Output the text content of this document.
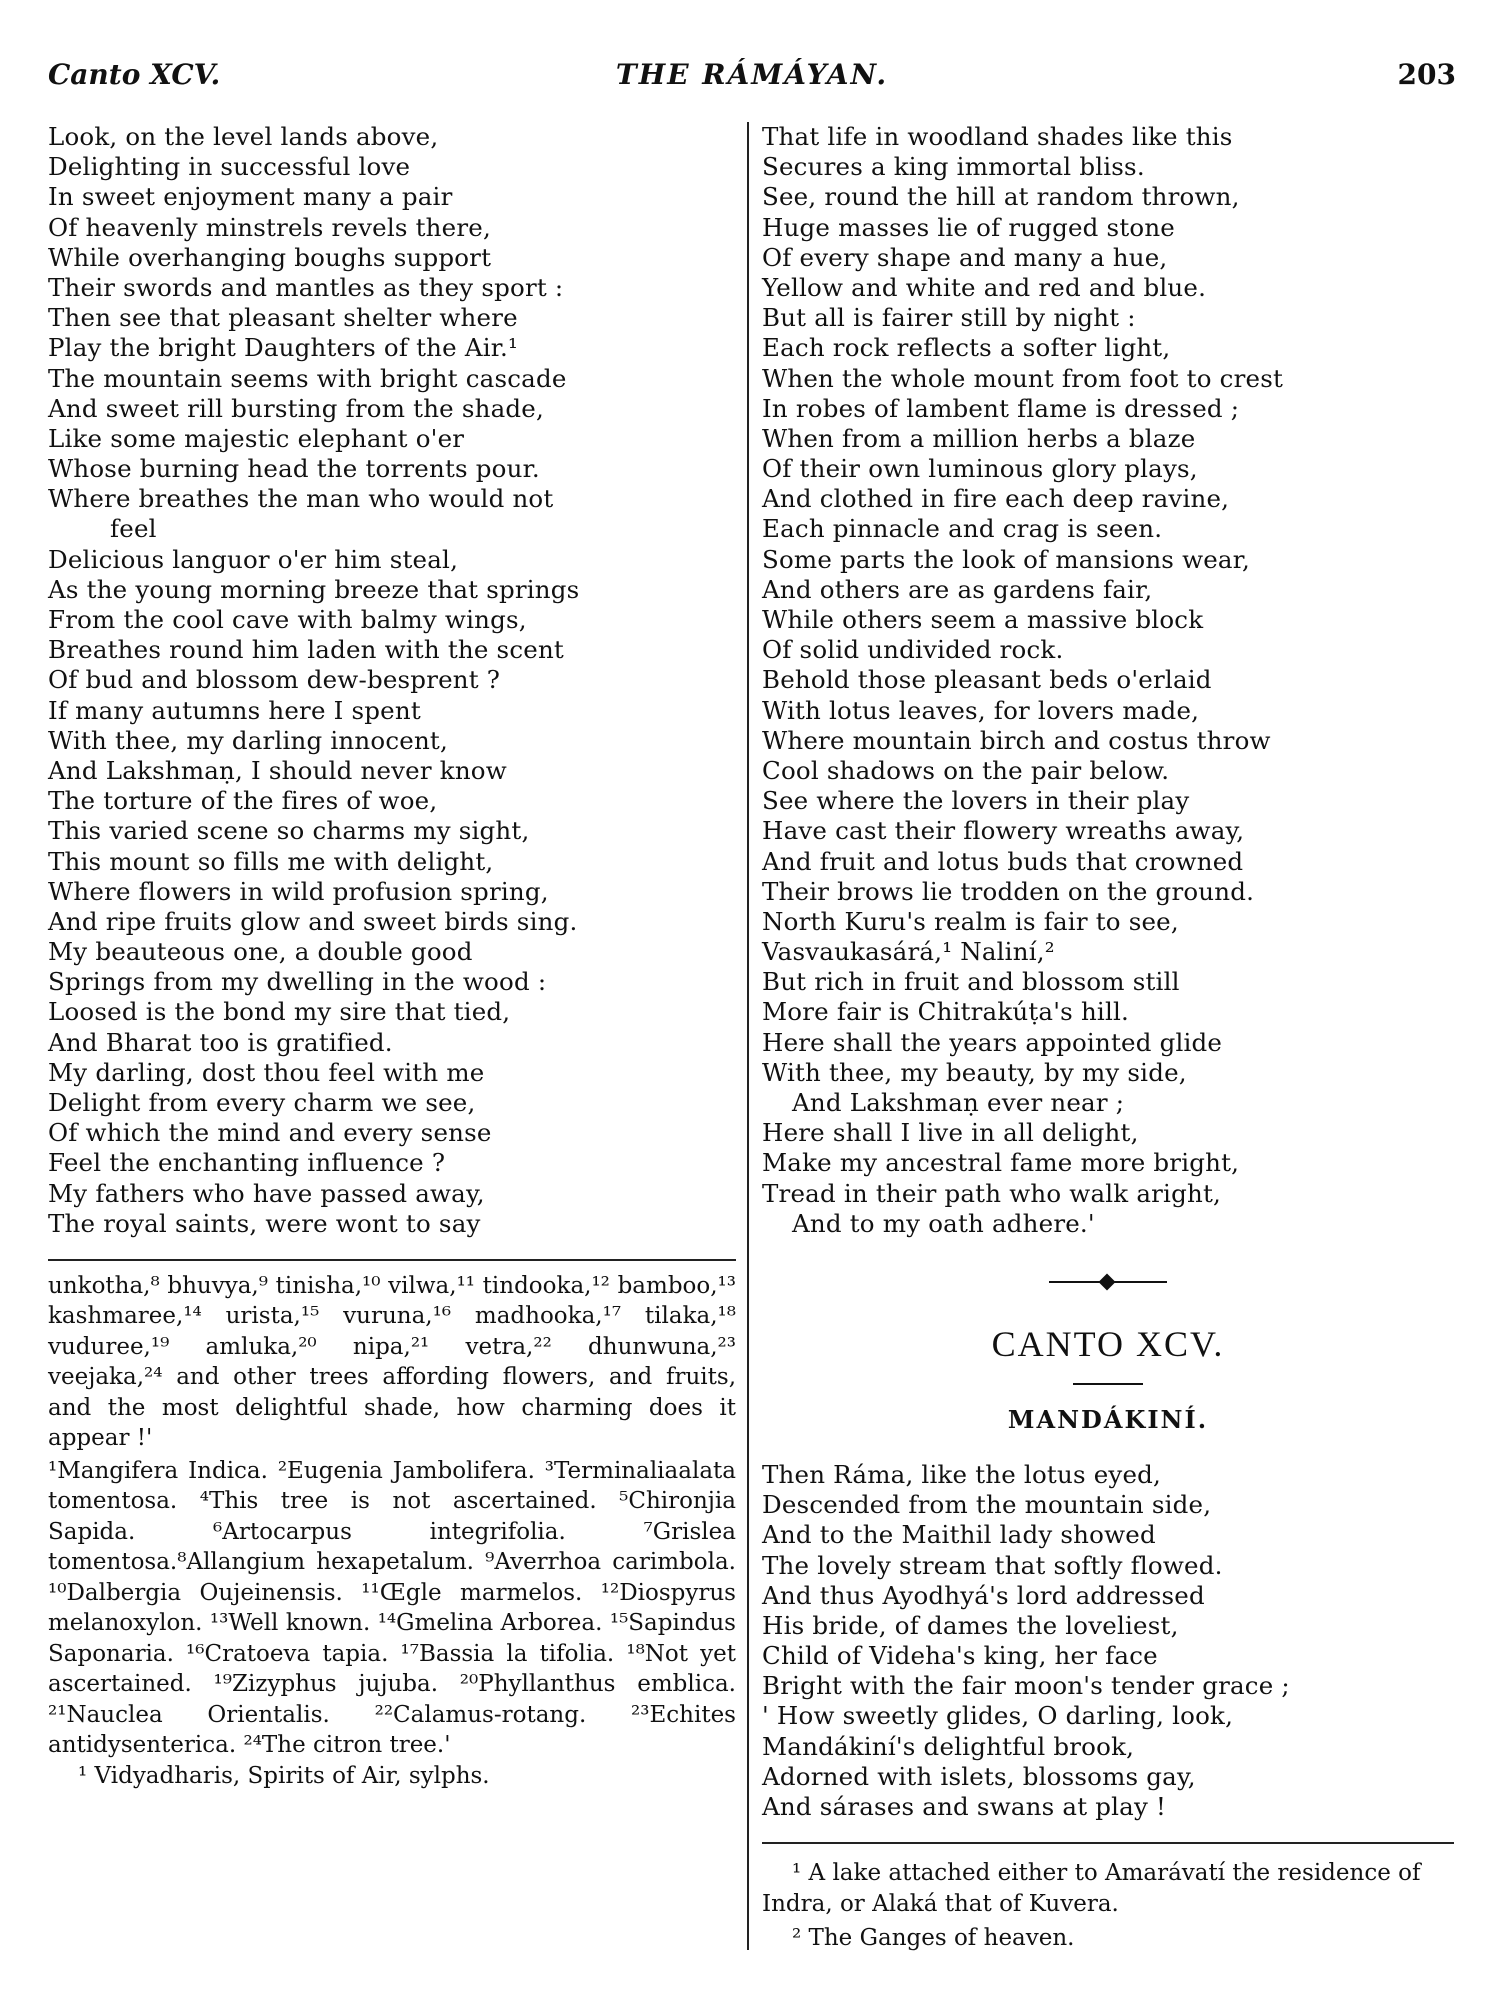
THE RÁMÁYAN.
Canto XCV.	203
Look, on the level lands above,
Delighting in successful love
In sweet enjoyment many a pair
Of heavenly minstrels revels there,
While overhanging boughs support
Their swords and mantles as they sport :
Then see that pleasant shelter where
Play the bright Daughters of the Air.¹
The mountain seems with bright cascade
And sweet rill bursting from the shade,
Like some majestic elephant o'er
Whose burning head the torrents pour.
Where breathes the man who would not
feel
Delicious languor o'er him steal,
As the young morning breeze that springs
From the cool cave with balmy wings,
Breathes round him laden with the scent
Of bud and blossom dew-besprent ?
If many autumns here I spent
With thee, my darling innocent,
And Lakshmaṇ, I should never know
The torture of the fires of woe,
This varied scene so charms my sight,
This mount so fills me with delight,
Where flowers in wild profusion spring,
And ripe fruits glow and sweet birds sing.
My beauteous one, a double good
Springs from my dwelling in the wood :
Loosed is the bond my sire that tied,
And Bharat too is gratified.
My darling, dost thou feel with me
Delight from every charm we see,
Of which the mind and every sense
Feel the enchanting influence ?
My fathers who have passed away,
The royal saints, were wont to say
unkotha,⁸ bhuvya,⁹ tinisha,¹⁰ vilwa,¹¹ tindooka,¹² bamboo,¹³ kashmaree,¹⁴ urista,¹⁵ vuruna,¹⁶ madhooka,¹⁷ tilaka,¹⁸ vuduree,¹⁹ amluka,²⁰ nipa,²¹ vetra,²² dhunwuna,²³ veejaka,²⁴ and other trees affording flowers, and fruits, and the most delightful shade, how charming does it appear !'
¹Mangifera Indica. ²Eugenia Jambolifera. ³Terminaliaalata tomentosa. ⁴This tree is not ascertained. ⁵Chironjia Sapida. ⁶Artocarpus integrifolia. ⁷Grislea tomentosa.⁸Allangium hexapetalum. ⁹Averrhoa carimbola. ¹⁰Dalbergia Oujeinensis. ¹¹Œgle marmelos. ¹²Diospyrus melanoxylon. ¹³Well known. ¹⁴Gmelina Arborea. ¹⁵Sapindus Saponaria. ¹⁶Cratoeva tapia. ¹⁷Bassia la tifolia. ¹⁸Not yet ascertained. ¹⁹Zizyphus jujuba. ²⁰Phyllanthus emblica. ²¹Nauclea Orientalis. ²²Calamus-rotang. ²³Echites antidysenterica. ²⁴The citron tree.'
¹ Vidyadharis, Spirits of Air, sylphs.
That life in woodland shades like this
Secures a king immortal bliss.
See, round the hill at random thrown,
Huge masses lie of rugged stone
Of every shape and many a hue,
Yellow and white and red and blue.
But all is fairer still by night :
Each rock reflects a softer light,
When the whole mount from foot to crest
In robes of lambent flame is dressed ;
When from a million herbs a blaze
Of their own luminous glory plays,
And clothed in fire each deep ravine,
Each pinnacle and crag is seen.
Some parts the look of mansions wear,
And others are as gardens fair,
While others seem a massive block
Of solid undivided rock.
Behold those pleasant beds o'erlaid
With lotus leaves, for lovers made,
Where mountain birch and costus throw
Cool shadows on the pair below.
See where the lovers in their play
Have cast their flowery wreaths away,
And fruit and lotus buds that crowned
Their brows lie trodden on the ground.
North Kuru's realm is fair to see,
Vasvaukasárá,¹ Naliní,²
But rich in fruit and blossom still
More fair is Chitrakúṭa's hill.
Here shall the years appointed glide
With thee, my beauty, by my side,
And Lakshmaṇ ever near ;
Here shall I live in all delight,
Make my ancestral fame more bright,
Tread in their path who walk aright,
And to my oath adhere.'
CANTO XCV.
MANDÁKINÍ.
Then Ráma, like the lotus eyed,
Descended from the mountain side,
And to the Maithil lady showed
The lovely stream that softly flowed.
And thus Ayodhyá's lord addressed
His bride, of dames the loveliest,
Child of Videha's king, her face
Bright with the fair moon's tender grace ;
' How sweetly glides, O darling, look,
Mandákiní's delightful brook,
Adorned with islets, blossoms gay,
And sárases and swans at play !
¹ A lake attached either to Amarávatí the residence of Indra, or Alaká that of Kuvera.
² The Ganges of heaven.
